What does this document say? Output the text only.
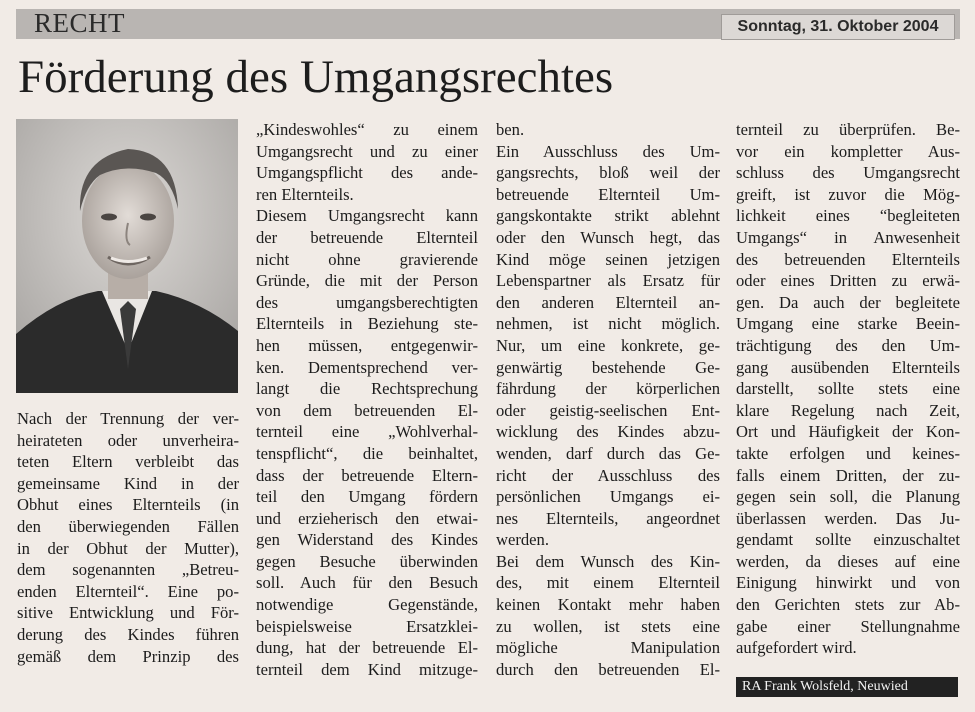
RECHT	Sonntag, 31. Oktober 2004
Förderung des Umgangsrechtes

Nach der Trennung der ver-

heirateten oder unverheira-

teten Eltern verbleibt das

gemeinsame Kind in der

Obhut eines Elternteils (in

den überwiegenden Fällen

in der Obhut der Mutter),

dem sogenannten „Betreu-

enden Elternteil“. Eine po-

sitive Entwicklung und För-

derung des Kindes führen

gemäß dem Prinzip des

„Kindeswohles“ zu einem

Umgangsrecht und zu einer

Umgangspflicht des ande-

ren Elternteils.

Diesem Umgangsrecht kann

der betreuende Elternteil

nicht ohne gravierende

Gründe, die mit der Person

des umgangsberechtigten

Elternteils in Beziehung ste-

hen müssen, entgegenwir-

ken. Dementsprechend ver-

langt die Rechtsprechung

von dem betreuenden El-

ternteil eine „Wohlverhal-

tenspflicht“, die beinhaltet,

dass der betreuende Eltern-

teil den Umgang fördern

und erzieherisch den etwai-

gen Widerstand des Kindes

gegen Besuche überwinden

soll. Auch für den Besuch

notwendige Gegenstände,

beispielsweise Ersatzklei-

dung, hat der betreuende El-

ternteil dem Kind mitzuge-

ben.

Ein Ausschluss des Um-

gangsrechts, bloß weil der

betreuende Elternteil Um-

gangskontakte strikt ablehnt

oder den Wunsch hegt, das

Kind möge seinen jetzigen

Lebenspartner als Ersatz für

den anderen Elternteil an-

nehmen, ist nicht möglich.

Nur, um eine konkrete, ge-

genwärtig bestehende Ge-

fährdung der körperlichen

oder geistig-seelischen Ent-

wicklung des Kindes abzu-

wenden, darf durch das Ge-

richt der Ausschluss des

persönlichen Umgangs ei-

nes Elternteils, angeordnet

werden.

Bei dem Wunsch des Kin-

des, mit einem Elternteil

keinen Kontakt mehr haben

zu wollen, ist stets eine

mögliche Manipulation

durch den betreuenden El-

ternteil zu überprüfen. Be-

vor ein kompletter Aus-

schluss des Umgangsrecht

greift, ist zuvor die Mög-

lichkeit eines “begleiteten

Umgangs“ in Anwesenheit

des betreuenden Elternteils

oder eines Dritten zu erwä-

gen. Da auch der begleitete

Umgang eine starke Beein-

trächtigung des den Um-

gang ausübenden Elternteils

darstellt, sollte stets eine

klare Regelung nach Zeit,

Ort und Häufigkeit der Kon-

takte erfolgen und keines-

falls einem Dritten, der zu-

gegen sein soll, die Planung

überlassen werden. Das Ju-

gendamt sollte einzuschaltet

werden, da dieses auf eine

Einigung hinwirkt und von

den Gerichten stets zur Ab-

gabe einer Stellungnahme

aufgefordert wird.

RA Frank Wolsfeld, Neuwied
